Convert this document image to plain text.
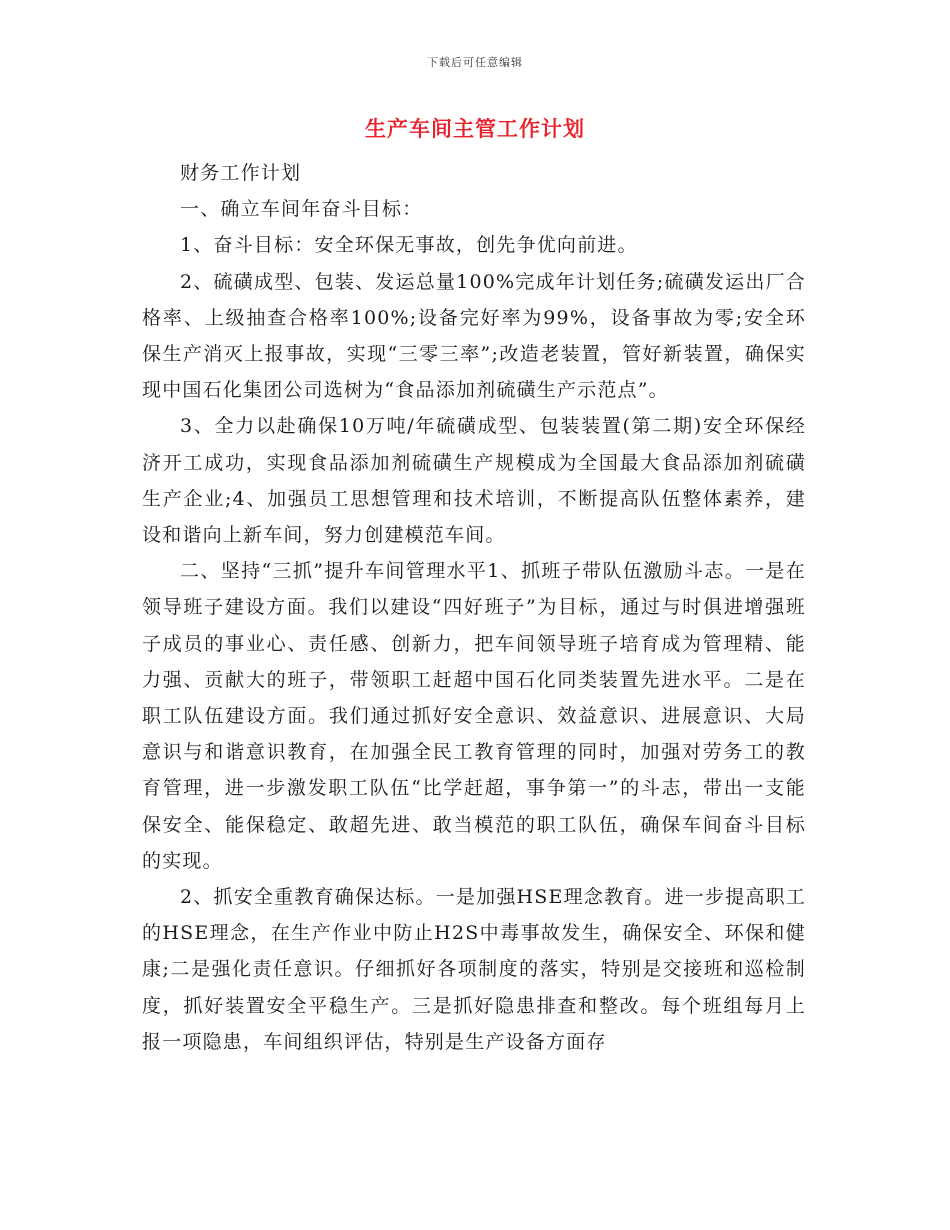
下载后可任意编辑
生产车间主管工作计划

财务工作计划

一、确立车间年奋斗目标：

1、奋斗目标：安全环保无事故，创先争优向前进。

2、硫磺成型、包装、发运总量100%完成年计划任务;硫磺发运出厂合格率、上级抽查合格率100%;设备完好率为99%，设备事故为零;安全环保生产消灭上报事故，实现“三零三率”;改造老装置，管好新装置，确保实现中国石化集团公司选树为“食品添加剂硫磺生产示范点”。

3、全力以赴确保10万吨/年硫磺成型、包装装置(第二期)安全环保经济开工成功，实现食品添加剂硫磺生产规模成为全国最大食品添加剂硫磺生产企业;4、加强员工思想管理和技术培训，不断提高队伍整体素养，建设和谐向上新车间，努力创建模范车间。

二、坚持“三抓”提升车间管理水平1、抓班子带队伍激励斗志。一是在领导班子建设方面。我们以建设“四好班子”为目标，通过与时俱进增强班子成员的事业心、责任感、创新力，把车间领导班子培育成为管理精、能力强、贡献大的班子，带领职工赶超中国石化同类装置先进水平。二是在职工队伍建设方面。我们通过抓好安全意识、效益意识、进展意识、大局意识与和谐意识教育，在加强全民工教育管理的同时，加强对劳务工的教育管理，进一步激发职工队伍“比学赶超，事争第一”的斗志，带出一支能保安全、能保稳定、敢超先进、敢当模范的职工队伍，确保车间奋斗目标的实现。

2、抓安全重教育确保达标。一是加强HSE理念教育。进一步提高职工的HSE理念，在生产作业中防止H2S中毒事故发生，确保安全、环保和健康;二是强化责任意识。仔细抓好各项制度的落实，特别是交接班和巡检制度，抓好装置安全平稳生产。三是抓好隐患排查和整改。每个班组每月上报一项隐患，车间组织评估，特别是生产设备方面存
